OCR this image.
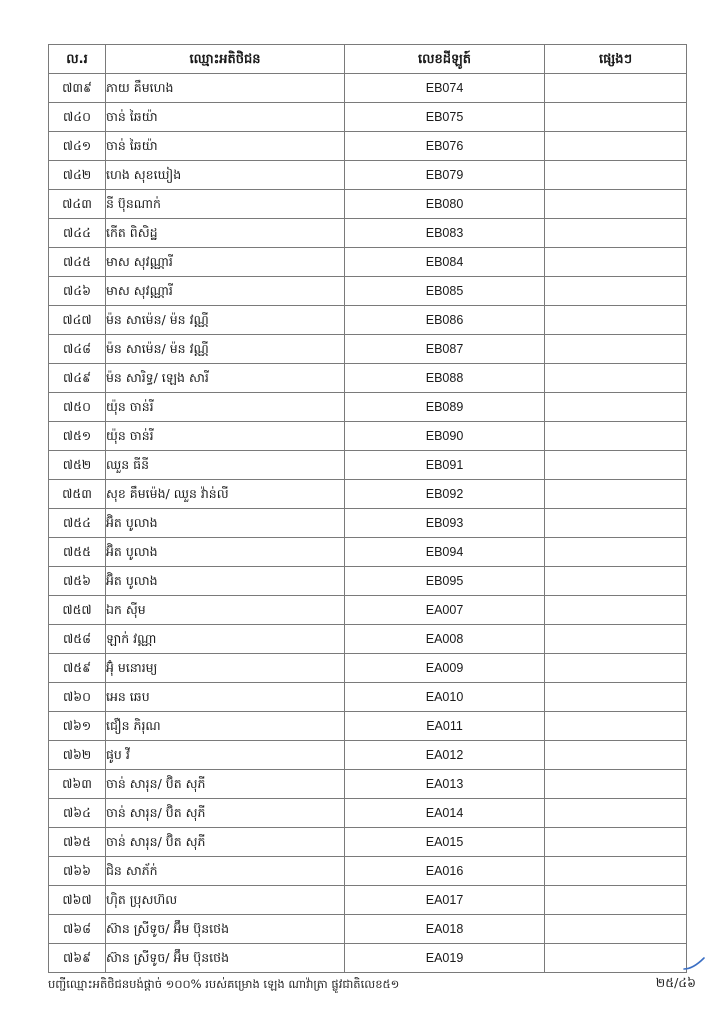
ល.រ	ឈ្មោះអតិថិជន	លេខដីឡូត៍	ផ្សេងៗ
៧៣៩	ភាយ គឹមហេង	EB074	
៧៤០	ចាន់ ឆៃយ៉ា	EB075	
៧៤១	ចាន់ ឆៃយ៉ា	EB076	
៧៤២	ហេង សុខឃៀង	EB079	
៧៤៣	នី ប៊ុនណាក់	EB080	
៧៤៤	កើត ពិសិដ្ឋ	EB083	
៧៤៥	មាស សុវណ្ណារី	EB084	
៧៤៦	មាស សុវណ្ណារី	EB085	
៧៤៧	ម៉ន សាម៉េន/ ម៉ន វណ្ណី	EB086	
៧៤៨	ម៉ន សាម៉េន/ ម៉ន វណ្ណី	EB087	
៧៤៩	ម៉ន សារិទ្ធ/ ឡេង សារី	EB088	
៧៥០	យ៉ុន ចាន់រី	EB089	
៧៥១	យ៉ុន ចាន់រី	EB090	
៧៥២	ឈួន ធីនី	EB091	
៧៥៣	សុខ គឹមម៉េង/ ឈួន វ៉ាន់លី	EB092	
៧៥៤	អ៊ិត បូលាង	EB093	
៧៥៥	អ៊ិត បូលាង	EB094	
៧៥៦	អ៊ិត បូលាង	EB095	
៧៥៧	ឯក ស៊ីម	EA007	
៧៥៨	ឡាក់ វណ្ណា	EA008	
៧៥៩	អ៊ុំ មនោរម្យ	EA009	
៧៦០	អេន ឆេប	EA010	
៧៦១	ជឿន ភិរុណ	EA011	
៧៦២	ផូប វី	EA012	
៧៦៣	ចាន់ សារុន/ ប៊ិត សុភី	EA013	
៧៦៤	ចាន់ សារុន/ ប៊ិត សុភី	EA014	
៧៦៥	ចាន់ សារុន/ ប៊ិត សុភី	EA015	
៧៦៦	ជិន សាភ័ក់	EA016	
៧៦៧	ហ៊ិត ប្រុសហ៊ល	EA017	
៧៦៨	ស៊ាន ស្រីទូច/ អ៊ឹម ប៊ុនថេង	EA018	
៧៦៩	ស៊ាន ស្រីទូច/ អ៊ឹម ប៊ុនថេង	EA019	
បញ្ជីឈ្មោះអតិថិជនបង់ផ្តាច់ ១០០% របស់គម្រោង ឡេង ណាវ៉ាត្រា ផ្លូវជាតិលេខ៥១	២៥/៤៦
